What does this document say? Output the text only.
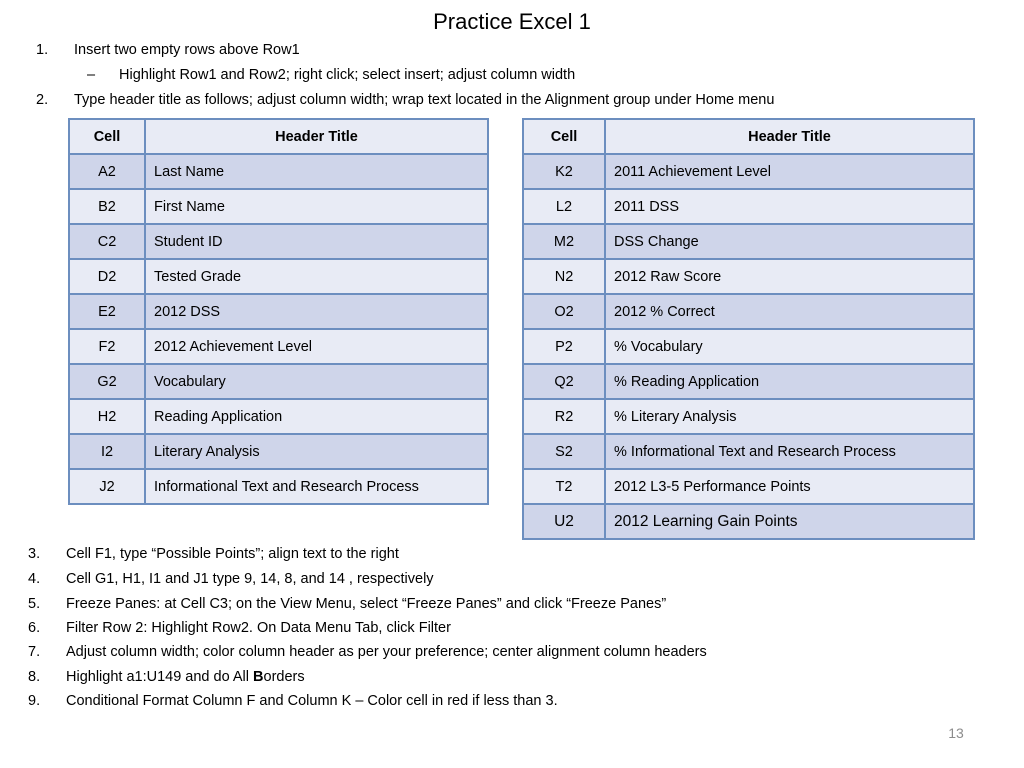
Practice Excel 1
1. Insert two empty rows above Row1
– Highlight Row1 and Row2; right click; select insert; adjust column width
2. Type header title as follows; adjust column width; wrap text located in the Alignment group under Home menu
Cell	Header Title
A2	Last Name
B2	First Name
C2	Student ID
D2	Tested Grade
E2	2012 DSS
F2	2012 Achievement Level
G2	Vocabulary
H2	Reading Application
I2	Literary Analysis
J2	Informational Text and Research Process
Cell	Header Title
K2	2011 Achievement Level
L2	2011 DSS
M2	DSS Change
N2	2012 Raw Score
O2	2012 % Correct
P2	% Vocabulary
Q2	% Reading Application
R2	% Literary Analysis
S2	% Informational Text and Research Process
T2	2012 L3-5 Performance Points
U2	2012 Learning Gain Points
3. Cell F1, type “Possible Points”; align text to the right
4. Cell G1, H1, I1 and J1 type 9, 14, 8, and 14 , respectively
5. Freeze Panes: at Cell C3; on the View Menu, select “Freeze Panes” and click “Freeze Panes”
6. Filter Row 2: Highlight Row2. On Data Menu Tab, click Filter
7. Adjust column width; color column header as per your preference; center alignment column headers
8. Highlight a1:U149 and do All Borders
9. Conditional Format Column F and Column K – Color cell in red if less than 3.
13
